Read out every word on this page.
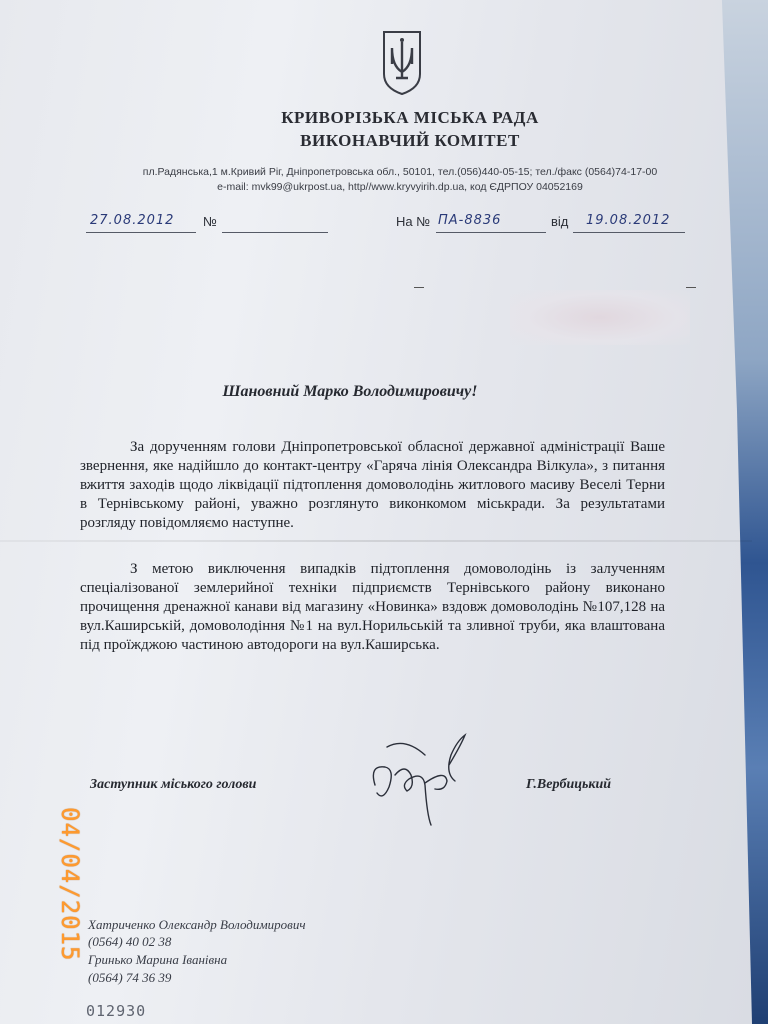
КРИВОРІЗЬКА МІСЬКА РАДА
ВИКОНАВЧИЙ КОМІТЕТ
пл.Радянська,1 м.Кривий Ріг, Дніпропетровська обл., 50101, тел.(056)440-05-15; тел./факс (0564)74-17-00
e-mail: mvk99@ukrpost.ua, http//www.kryvyirih.dp.ua, код ЄДРПОУ 04052169
27.08.2012 №	На № ПА-8836	від 19.08.2012
Шановний Марко Володимировичу!
За дорученням голови Дніпропетровської обласної державної адміністрації Ваше звернення, яке надійшло до контакт-центру «Гаряча лінія Олександра Вілкула», з питання вжиття заходів щодо ліквідації підтоплення домоволодінь житлового масиву Веселі Терни в Тернівському районі, уважно розглянуто виконкомом міськради. За результатами розгляду повідомляємо наступне.
З метою виключення випадків підтоплення домоволодінь із залученням спеціалізованої землерийної техніки підприємств Тернівського району виконано прочищення дренажної канави від магазину «Новинка» вздовж домоволодінь №107,128 на вул.Каширській, домоволодіння №1 на вул.Норильській та зливної труби, яка влаштована під проїжджою частиною автодороги на вул.Каширська.
Заступник міського голови	Г.Вербицький
Хатриченко Олександр Володимирович
(0564) 40 02 38
Гринько Марина Іванівна
(0564) 74 36 39
012930
04/04/2015
